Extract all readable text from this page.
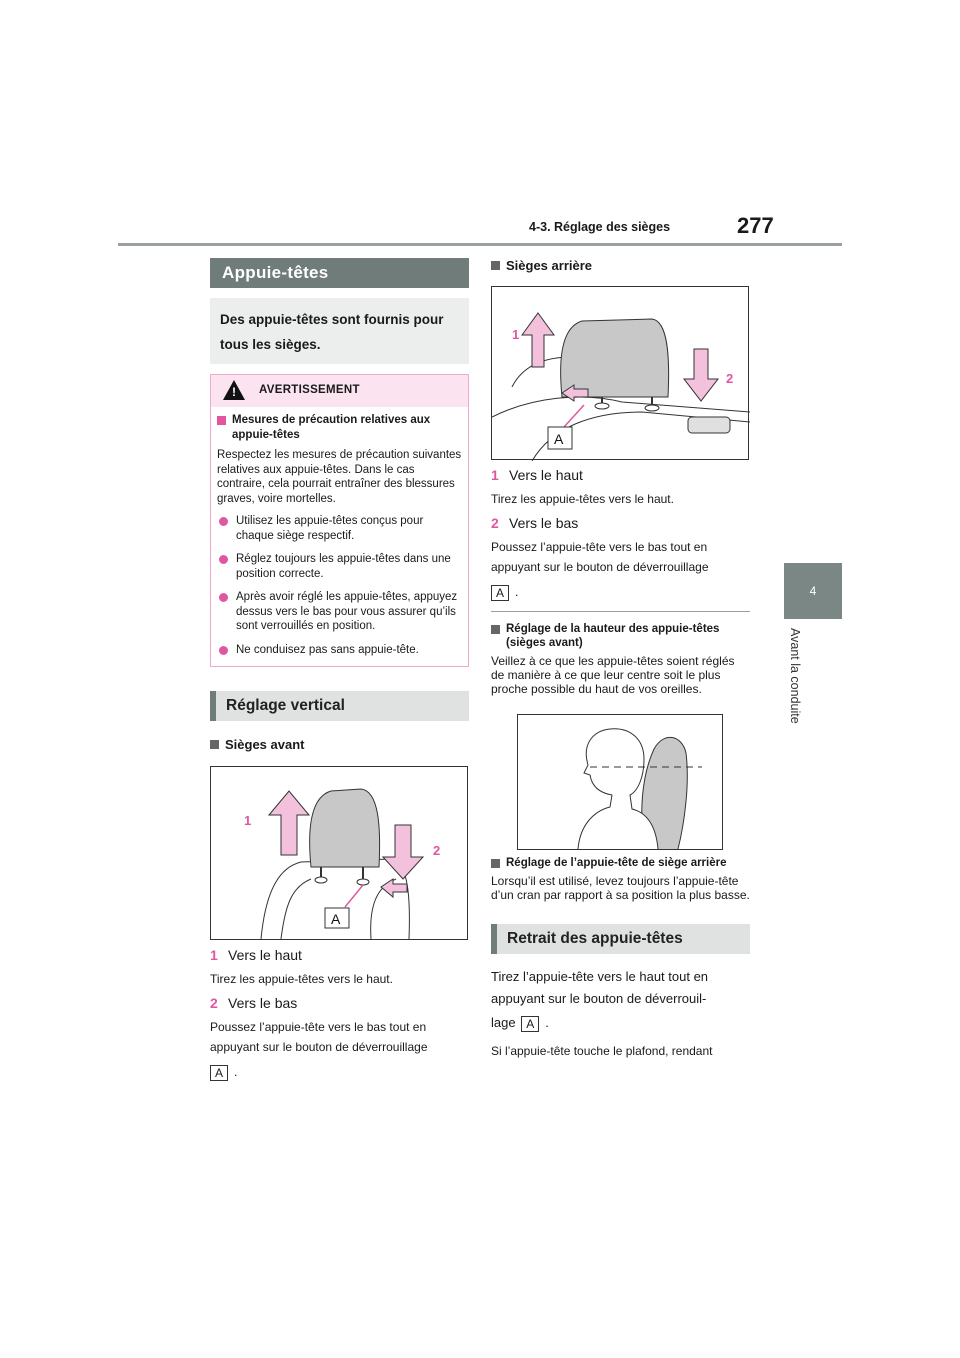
4-3. Réglage des sièges	277
4
Avant la conduite
Appuie-têtes
Des appuie-têtes sont fournis pour tous les sièges.
! AVERTISSEMENT
Mesures de précaution relatives aux appuie-têtes
Respectez les mesures de précaution suivantes relatives aux appuie-têtes. Dans le cas contraire, cela pourrait entraîner des blessures graves, voire mortelles.
Utilisez les appuie-têtes conçus pour chaque siège respectif.
Réglez toujours les appuie-têtes dans une position correcte.
Après avoir réglé les appuie-têtes, appuyez dessus vers le bas pour vous assurer qu’ils sont verrouillés en position.
Ne conduisez pas sans appuie-tête.
Réglage vertical
Sièges avant
1
2
A
1 Vers le haut
Tirez les appuie-têtes vers le haut.
2 Vers le bas
Poussez l’appuie-tête vers le bas tout en appuyant sur le bouton de déverrouillage
A .
Sièges arrière
1
2
A
1 Vers le haut
Tirez les appuie-têtes vers le haut.
2 Vers le bas
Poussez l’appuie-tête vers le bas tout en appuyant sur le bouton de déverrouillage
A .
Réglage de la hauteur des appuie-têtes (sièges avant)
Veillez à ce que les appuie-têtes soient réglés de manière à ce que leur centre soit le plus proche possible du haut de vos oreilles.
Réglage de l’appuie-tête de siège arrière
Lorsqu’il est utilisé, levez toujours l’appuie-tête d’un cran par rapport à sa position la plus basse.
Retrait des appuie-têtes
Tirez l’appuie-tête vers le haut tout en appuyant sur le bouton de déverrouil-
lage A .
Si l’appuie-tête touche le plafond, rendant
